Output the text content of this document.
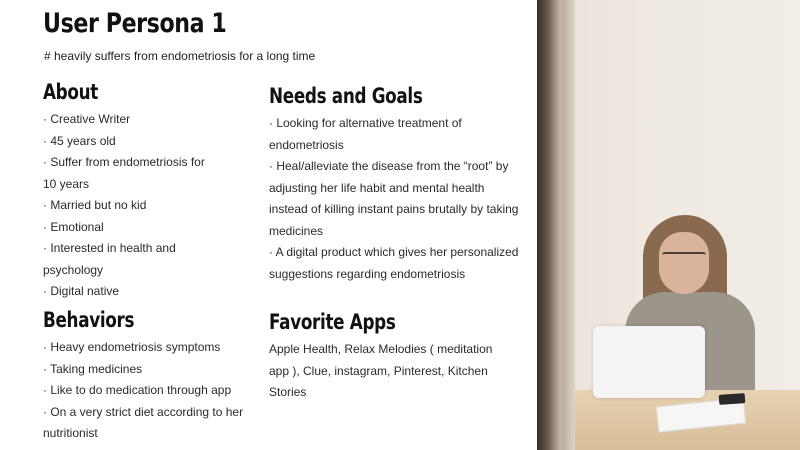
User Persona 1
# heavily suffers from endometriosis for a long time
About
· Creative Writer
· 45 years old
· Suffer from endometriosis for
10 years
· Married but no kid
· Emotional
· Interested in health and
psychology
· Digital native
Behaviors
· Heavy endometriosis symptoms
· Taking medicines
· Like to do medication through app
· On a very strict diet according to her
nutritionist
Needs and Goals
· Looking for alternative treatment of
endometriosis
· Heal/alleviate the disease from the “root” by
adjusting her life habit and mental health
instead of killing instant pains brutally by taking
medicines
· A digital product which gives her personalized
suggestions regarding endometriosis
Favorite Apps

Apple Health, Relax Melodies ( meditation

app ), Clue, instagram, Pinterest, Kitchen

Stories
